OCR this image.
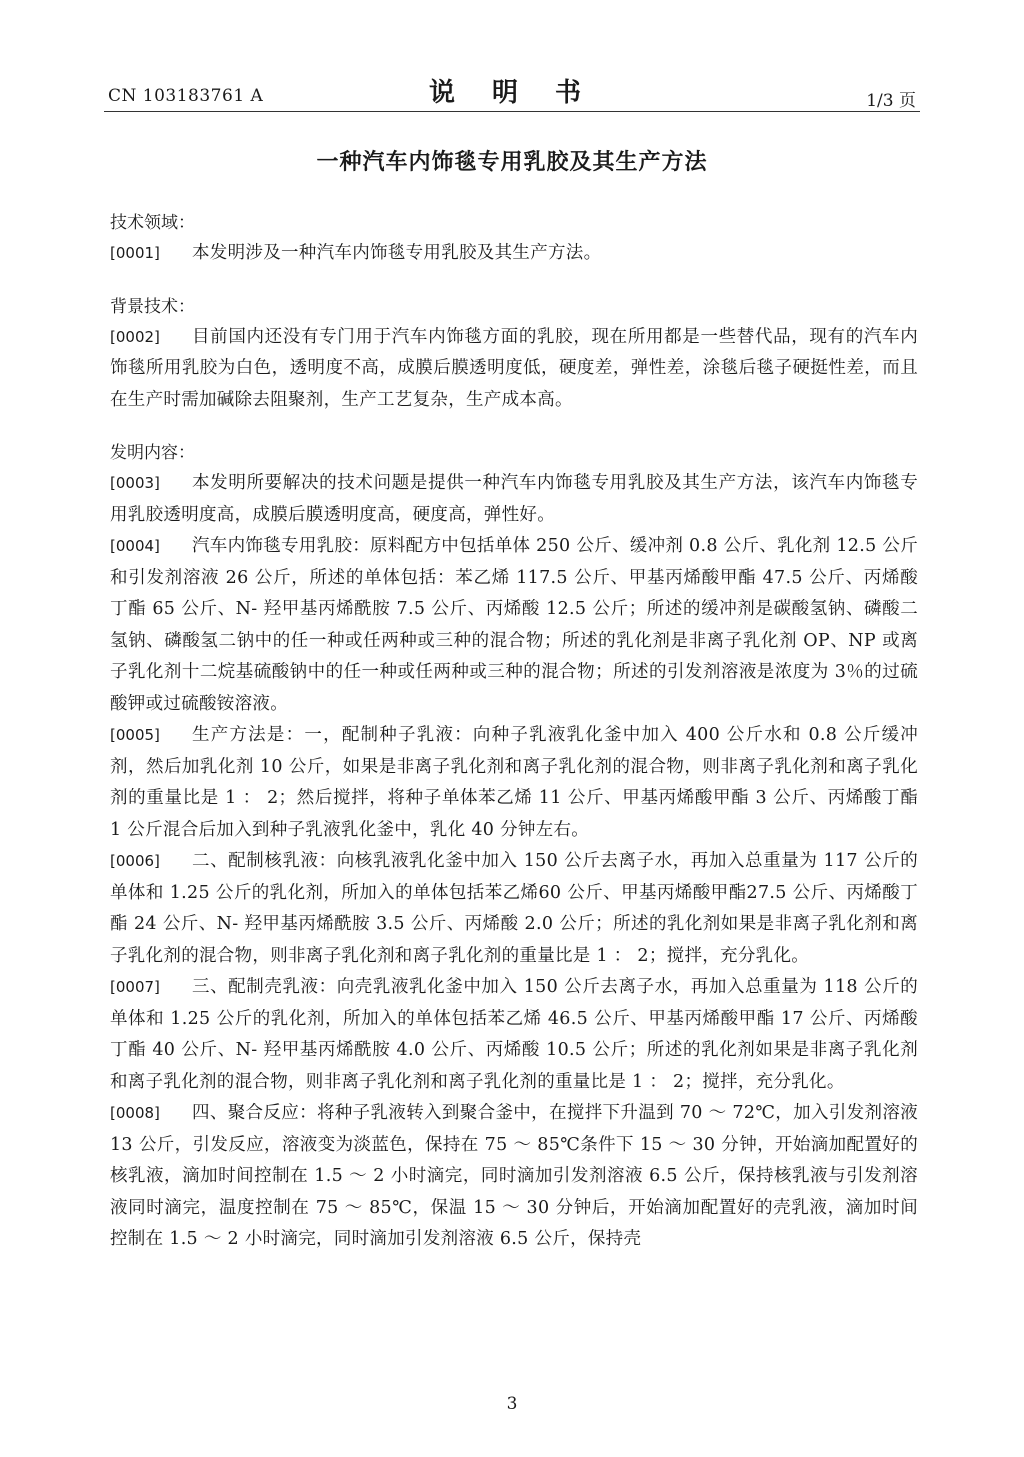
CN 103183761 A	说 明 书	1/3 页
一种汽车内饰毯专用乳胶及其生产方法

技术领域：

[0001] 本发明涉及一种汽车内饰毯专用乳胶及其生产方法。

背景技术：

[0002] 目前国内还没有专门用于汽车内饰毯方面的乳胶，现在所用都是一些替代品，现有的汽车内饰毯所用乳胶为白色，透明度不高，成膜后膜透明度低，硬度差，弹性差，涂毯后毯子硬挺性差，而且在生产时需加碱除去阻聚剂，生产工艺复杂，生产成本高。

发明内容：

[0003] 本发明所要解决的技术问题是提供一种汽车内饰毯专用乳胶及其生产方法，该汽车内饰毯专用乳胶透明度高，成膜后膜透明度高，硬度高，弹性好。

[0004] 汽车内饰毯专用乳胶：原料配方中包括单体 250 公斤、缓冲剂 0.8 公斤、乳化剂 12.5 公斤和引发剂溶液 26 公斤，所述的单体包括：苯乙烯 117.5 公斤、甲基丙烯酸甲酯 47.5 公斤、丙烯酸丁酯 65 公斤、N- 羟甲基丙烯酰胺 7.5 公斤、丙烯酸 12.5 公斤；所述的缓冲剂是碳酸氢钠、磷酸二氢钠、磷酸氢二钠中的任一种或任两种或三种的混合物；所述的乳化剂是非离子乳化剂 OP、NP 或离子乳化剂十二烷基硫酸钠中的任一种或任两种或三种的混合物；所述的引发剂溶液是浓度为 3％的过硫酸钾或过硫酸铵溶液。

[0005] 生产方法是：一，配制种子乳液：向种子乳液乳化釜中加入 400 公斤水和 0.8 公斤缓冲剂，然后加乳化剂 10 公斤，如果是非离子乳化剂和离子乳化剂的混合物，则非离子乳化剂和离子乳化剂的重量比是 1 ： 2；然后搅拌，将种子单体苯乙烯 11 公斤、甲基丙烯酸甲酯 3 公斤、丙烯酸丁酯 1 公斤混合后加入到种子乳液乳化釜中，乳化 40 分钟左右。

[0006] 二、配制核乳液：向核乳液乳化釜中加入 150 公斤去离子水，再加入总重量为 117 公斤的单体和 1.25 公斤的乳化剂，所加入的单体包括苯乙烯60 公斤、甲基丙烯酸甲酯27.5 公斤、丙烯酸丁酯 24 公斤、N- 羟甲基丙烯酰胺 3.5 公斤、丙烯酸 2.0 公斤；所述的乳化剂如果是非离子乳化剂和离子乳化剂的混合物，则非离子乳化剂和离子乳化剂的重量比是 1 ： 2；搅拌，充分乳化。

[0007] 三、配制壳乳液：向壳乳液乳化釜中加入 150 公斤去离子水，再加入总重量为 118 公斤的单体和 1.25 公斤的乳化剂，所加入的单体包括苯乙烯 46.5 公斤、甲基丙烯酸甲酯 17 公斤、丙烯酸丁酯 40 公斤、N- 羟甲基丙烯酰胺 4.0 公斤、丙烯酸 10.5 公斤；所述的乳化剂如果是非离子乳化剂和离子乳化剂的混合物，则非离子乳化剂和离子乳化剂的重量比是 1 ： 2；搅拌，充分乳化。

[0008] 四、聚合反应：将种子乳液转入到聚合釜中，在搅拌下升温到 70 ～ 72℃，加入引发剂溶液 13 公斤，引发反应，溶液变为淡蓝色，保持在 75 ～ 85℃条件下 15 ～ 30 分钟，开始滴加配置好的核乳液，滴加时间控制在 1.5 ～ 2 小时滴完，同时滴加引发剂溶液 6.5 公斤，保持核乳液与引发剂溶液同时滴完，温度控制在 75 ～ 85℃，保温 15 ～ 30 分钟后，开始滴加配置好的壳乳液，滴加时间控制在 1.5 ～ 2 小时滴完，同时滴加引发剂溶液 6.5 公斤，保持壳

3
